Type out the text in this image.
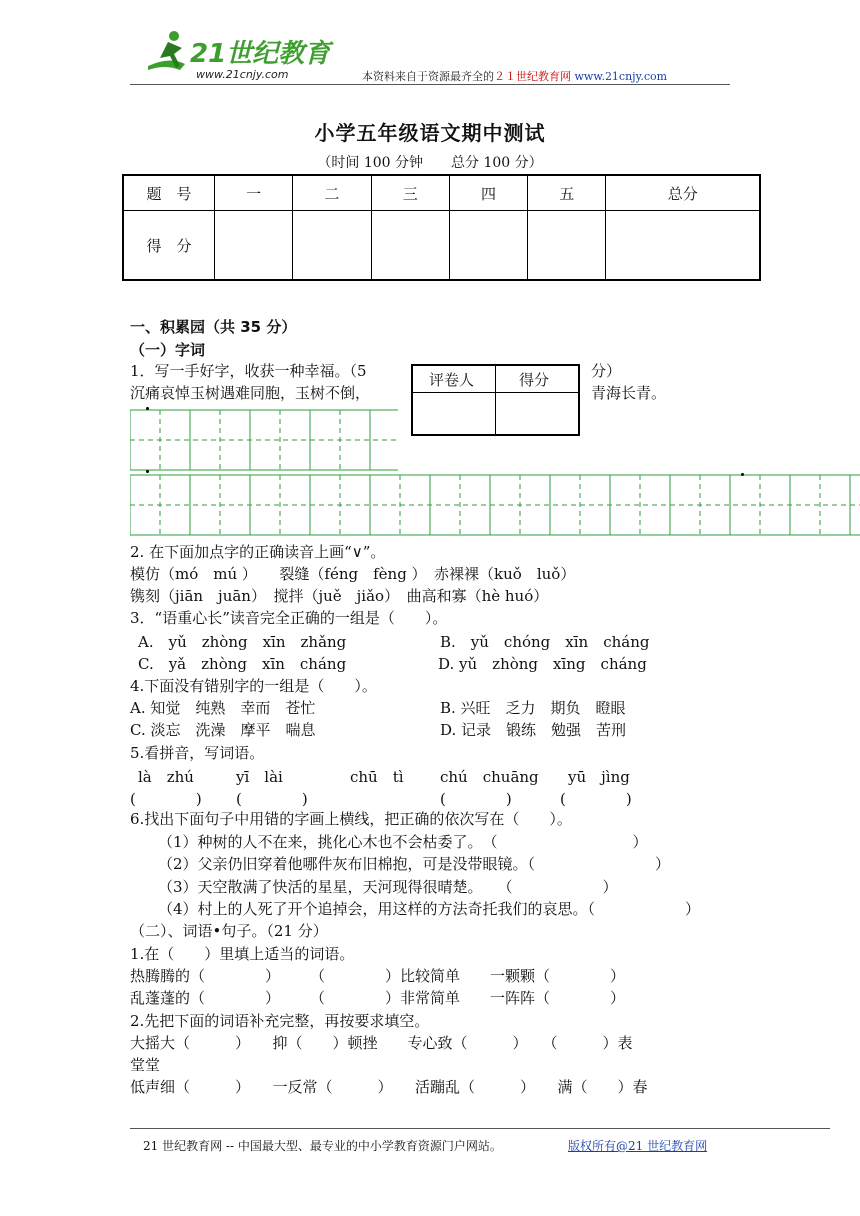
21世纪教育
www.21cnjy.com	本资料来自于资源最齐全的２１世纪教育网 www.21cnjy.com
小学五年级语文期中测试
（时间 100 分钟　　总分 100 分）
题　号	一	二	三	四	五	总分
得　分						
一、积累园（共 35 分）
（一）字词
1．写一手好字，收获一种幸福。（5	分）
沉痛哀悼玉树遇难同胞，玉树不倒，	青海长青。
评卷人	得分
2. 在下面加点字的正确读音上画“∨”。
模仿（mó　mú ）　　裂缝（féng　fèng ）　赤裸裸（kuǒ　luǒ）
镌刻（jiān　juān）　搅拌（juě　jiǎo）　曲高和寡（hè huó）
3．“语重心长”读音完全正确的一组是（　　）。
A.　yǔ　zhòng　xīn　zhǎng	B.　yǔ　chóng　xīn　cháng
C.　yǎ　zhòng　xīn　cháng	D. yǔ　zhòng　xīng　cháng
4.下面没有错别字的一组是（　　）。
A. 知觉　纯熟　幸而　苍忙	B. 兴旺　乏力　期负　瞪眼
C. 淡忘　洗澡　摩平　喘息	D. 记录　锻练　勉强　苦刑
5.看拼音，写词语。
là　zhú	yī　lài	chū　tì chú　chuāng yū　jìng
(　　　　) (　　　　)	(　　　　)	(　　　　)
6.找出下面句子中用错的字画上横线，把正确的依次写在（　　）。
（1）种树的人不在来，挑化心木也不会枯委了。　（　　　　　　　　　）
（2）父亲仍旧穿着他哪件灰布旧棉抱，可是没带眼镜。（　　　　　　　　）
（3）天空散满了快活的星星，天河现得很晴楚。　　（　　　　　　）
（4）村上的人死了开个追掉会，用这样的方法奇托我们的哀思。（　　　　　　）
（二）、词语•句子。（21 分）
1.在（　　）里填上适当的词语。
热腾腾的（　　　　）　　　（　　　　）比较简单　　一颗颗（　　　　）
乱蓬蓬的（　　　　）　　　（　　　　）非常简单　　一阵阵（　　　　）
2.先把下面的词语补充完整，再按要求填空。
大摇大（　　　）　　抑（　　）顿挫　　专心致（　　　）　　（　　　）表
堂堂
低声细（　　　）　　一反常（　　　）　　活蹦乱（　　　）　　满（　　）春
21 世纪教育网 -- 中国最大型、最专业的中小学教育资源门户网站。	版权所有@21 世纪教育网
